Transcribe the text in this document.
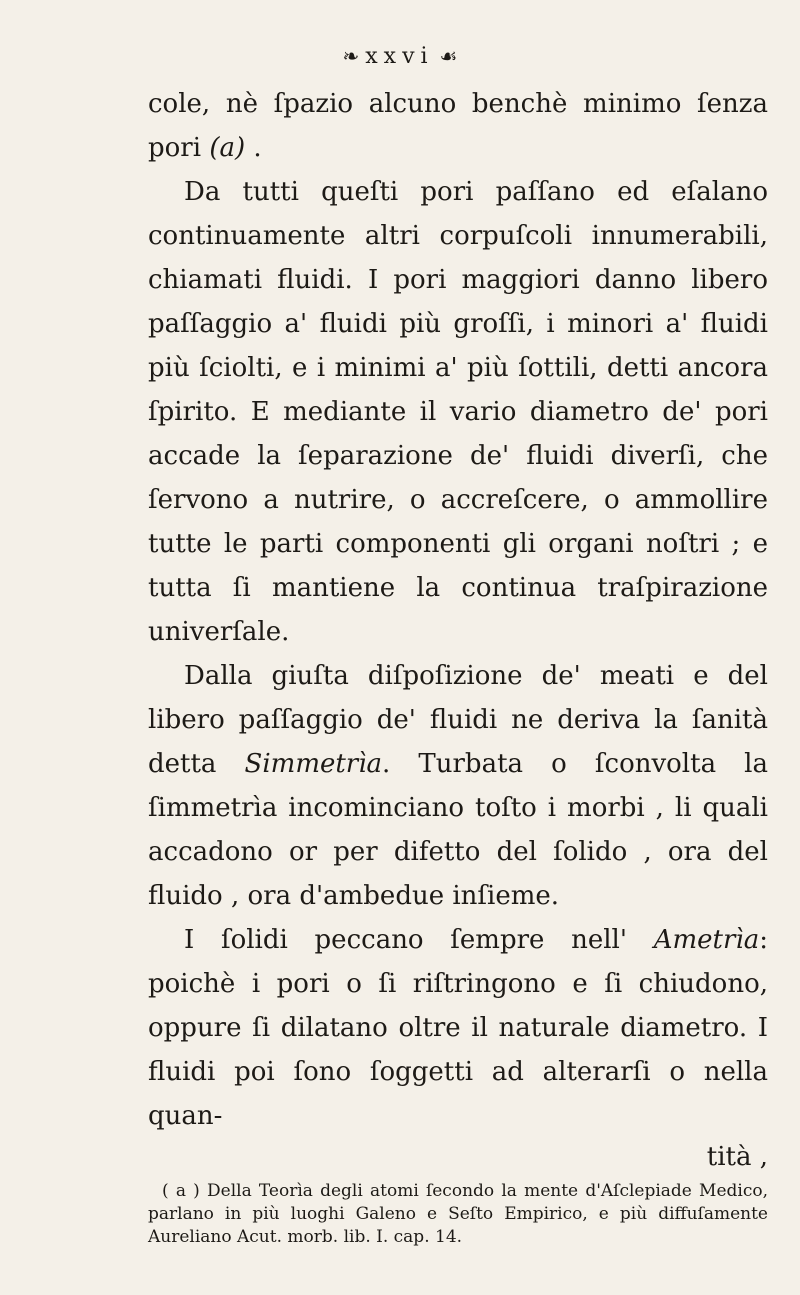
❧ xxvi ☙

cole, nè ſpazio alcuno benchè minimo ſenza pori (a) .

Da tutti queſti pori paſſano ed eſalano continuamente altri corpuſcoli innumerabili, chiamati fluidi. I pori maggiori danno libero paſſaggio a' fluidi più groſſi, i minori a' fluidi più ſciolti, e i minimi a' più ſottili, detti ancora ſpirito. E mediante il vario diametro de' pori accade la ſeparazione de' fluidi diverſi, che ſervono a nutrire, o accreſcere, o ammollire tutte le parti componenti gli organi noſtri ; e tutta ſi mantiene la continua traſpirazione univerſale.

Dalla giuſta diſpoſizione de' meati e del libero paſſaggio de' fluidi ne deriva la ſanità detta Simmetrìa. Turbata o ſconvolta la ſimmetrìa incominciano toſto i morbi , li quali accadono or per difetto del ſolido , ora del fluido , ora d'ambedue inſieme.

I ſolidi peccano ſempre nell' Ametrìa: poichè i pori o ſi riſtringono e ſi chiudono, oppure ſi dilatano oltre il naturale diametro. I fluidi poi ſono ſoggetti ad alterarſi o nella quan-

tità ,

( a ) Della Teorìa degli atomi ſecondo la mente d'Aſclepiade Medico, parlano in più luoghi Galeno e Seſto Empirico, e più diffuſamente Aureliano Acut. morb. lib. I. cap. 14.
